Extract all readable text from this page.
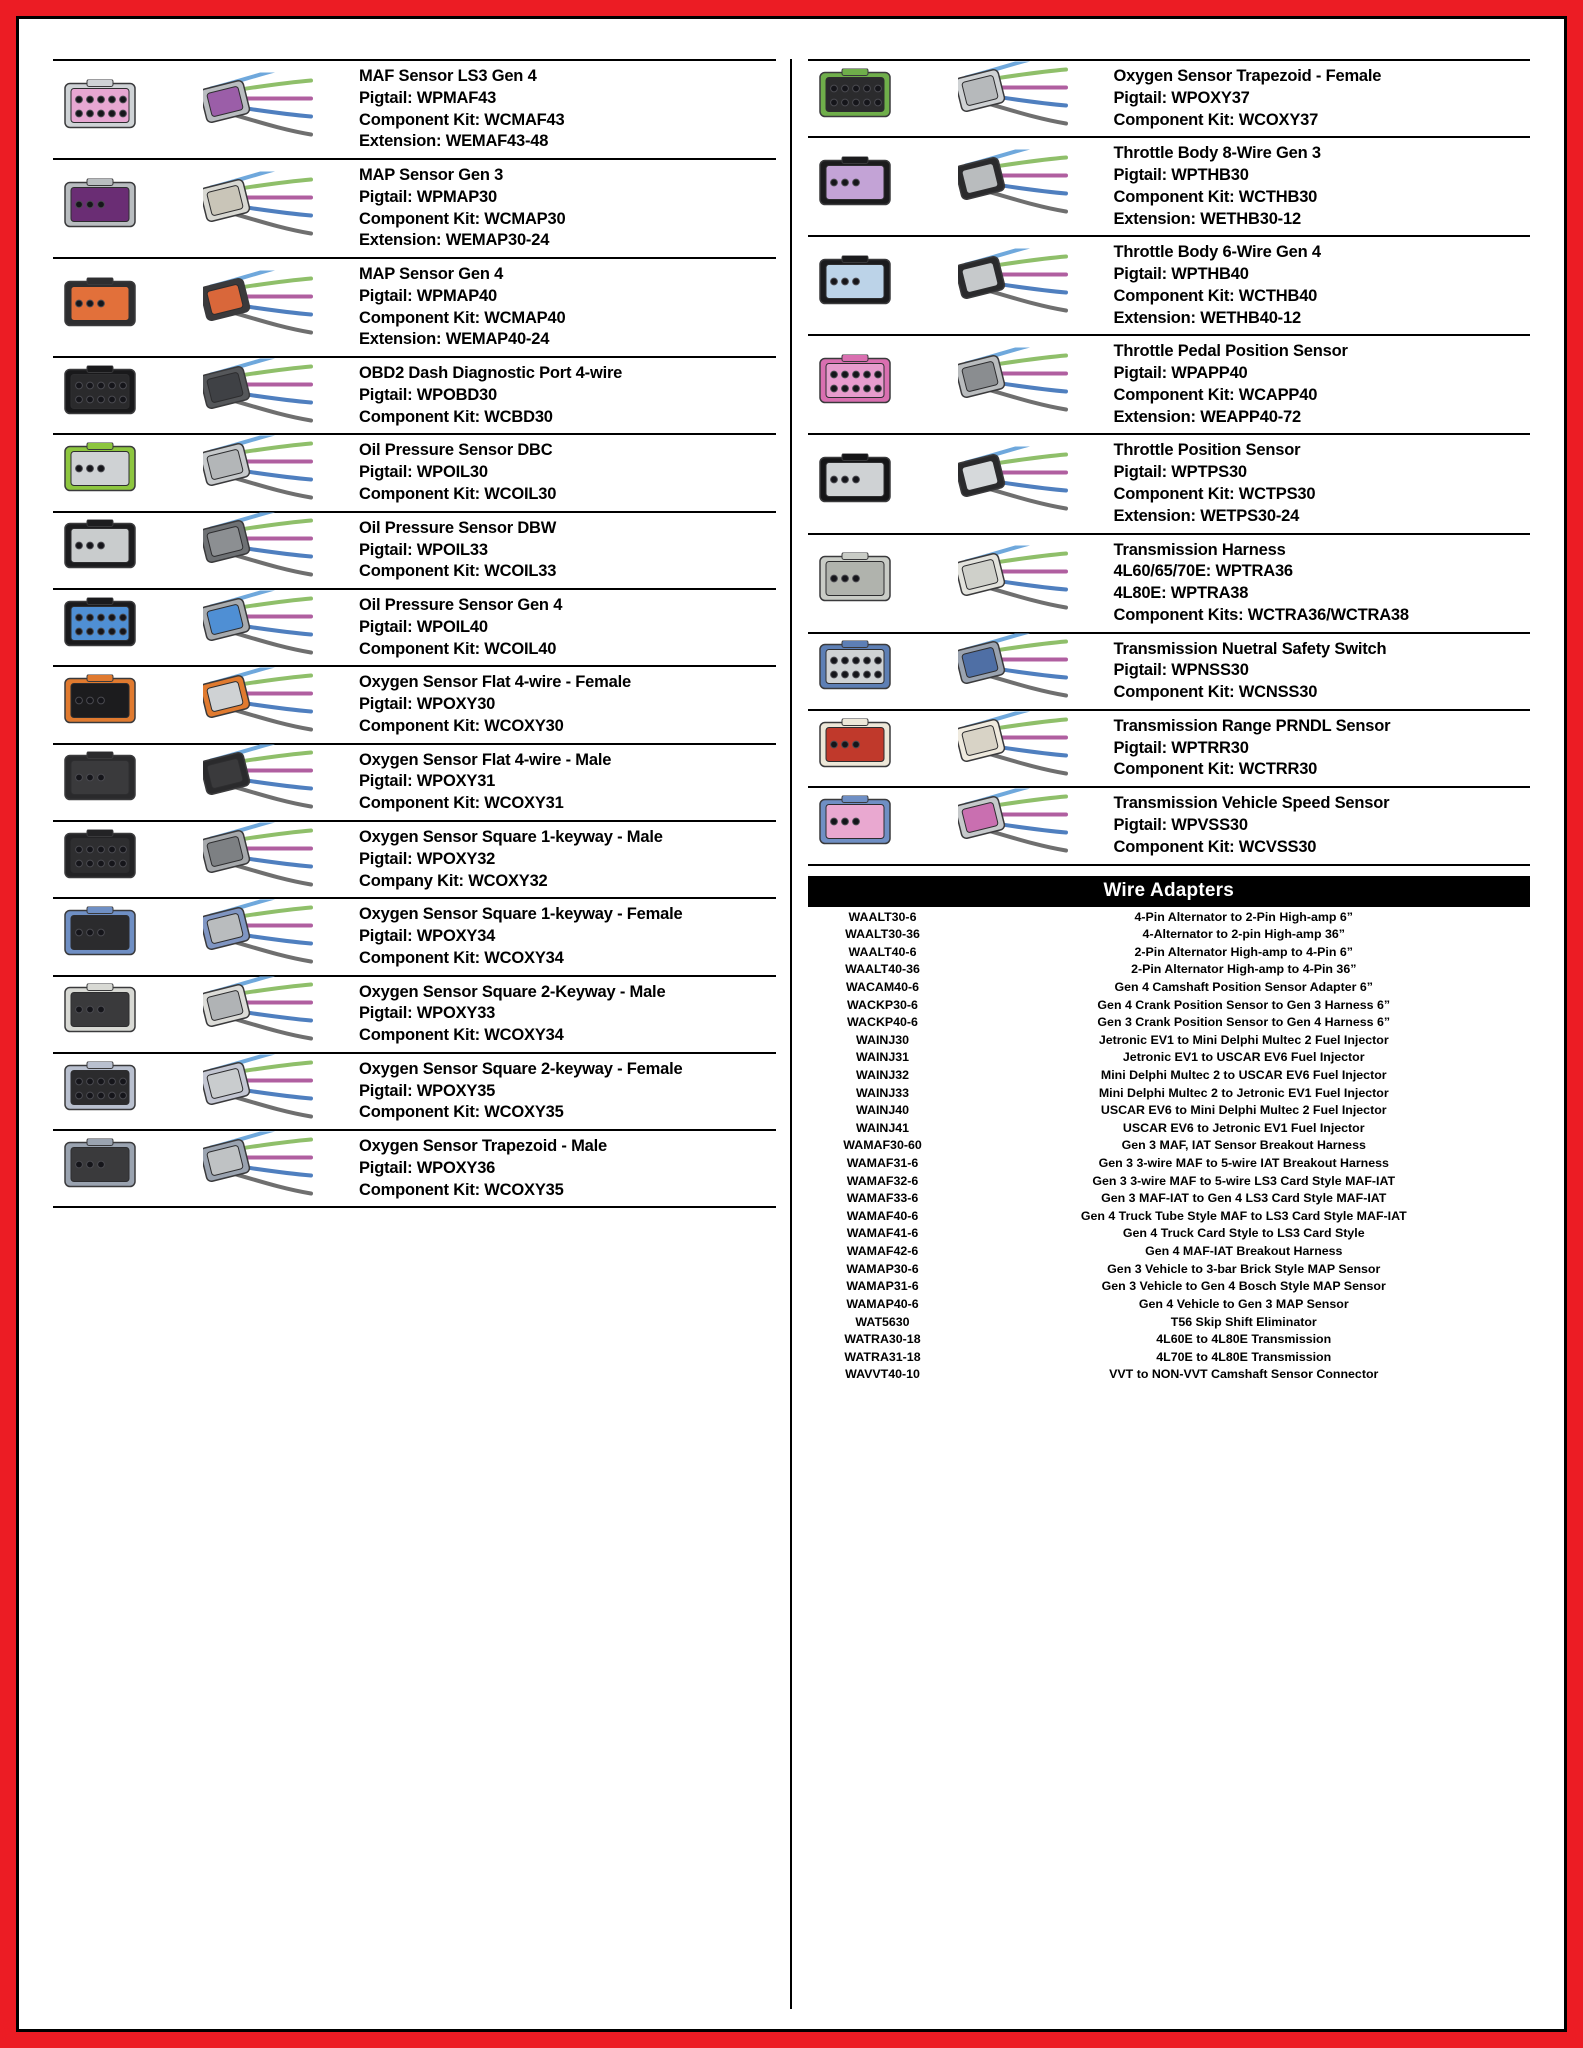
MAF Sensor LS3 Gen 4
Pigtail: WPMAF43
Component Kit: WCMAF43
Extension: WEMAF43-48
MAP Sensor Gen 3
Pigtail: WPMAP30
Component Kit: WCMAP30
Extension: WEMAP30-24
MAP Sensor Gen 4
Pigtail: WPMAP40
Component Kit: WCMAP40
Extension: WEMAP40-24
OBD2 Dash Diagnostic Port 4-wire
Pigtail: WPOBD30
Component Kit: WCBD30
Oil Pressure Sensor DBC
Pigtail: WPOIL30
Component Kit: WCOIL30
Oil Pressure Sensor DBW
Pigtail: WPOIL33
Component Kit: WCOIL33
Oil Pressure Sensor Gen 4
Pigtail: WPOIL40
Component Kit: WCOIL40
Oxygen Sensor Flat 4-wire - Female
Pigtail: WPOXY30
Component Kit: WCOXY30
Oxygen Sensor Flat 4-wire - Male
Pigtail: WPOXY31
Component Kit: WCOXY31
Oxygen Sensor Square 1-keyway - Male
Pigtail: WPOXY32
Company Kit: WCOXY32
Oxygen Sensor Square 1-keyway - Female
Pigtail: WPOXY34
Component Kit: WCOXY34
Oxygen Sensor Square 2-Keyway - Male
Pigtail: WPOXY33
Component Kit: WCOXY34
Oxygen Sensor Square 2-keyway - Female
Pigtail: WPOXY35
Component Kit: WCOXY35
Oxygen Sensor Trapezoid - Male
Pigtail: WPOXY36
Component Kit: WCOXY35
Oxygen Sensor Trapezoid - Female
Pigtail: WPOXY37
Component Kit: WCOXY37
Throttle Body 8-Wire Gen 3
Pigtail: WPTHB30
Component Kit: WCTHB30
Extension: WETHB30-12
Throttle Body 6-Wire Gen 4
Pigtail: WPTHB40
Component Kit: WCTHB40
Extension: WETHB40-12
Throttle Pedal Position Sensor
Pigtail: WPAPP40
Component Kit: WCAPP40
Extension: WEAPP40-72
Throttle Position Sensor
Pigtail: WPTPS30
Component Kit: WCTPS30
Extension: WETPS30-24
Transmission Harness
4L60/65/70E: WPTRA36
4L80E: WPTRA38
Component Kits: WCTRA36/WCTRA38
Transmission Nuetral Safety Switch
Pigtail: WPNSS30
Component Kit: WCNSS30
Transmission Range PRNDL Sensor
Pigtail: WPTRR30
Component Kit: WCTRR30
Transmission Vehicle Speed Sensor
Pigtail: WPVSS30
Component Kit: WCVSS30
Wire Adapters
WAALT30-6	4-Pin Alternator to 2-Pin High-amp 6”
WAALT30-36	4-Alternator to 2-pin High-amp 36”
WAALT40-6	2-Pin Alternator High-amp to 4-Pin 6”
WAALT40-36	2-Pin Alternator High-amp to 4-Pin 36”
WACAM40-6	Gen 4 Camshaft Position Sensor Adapter 6”
WACKP30-6	Gen 4 Crank Position Sensor to Gen 3 Harness 6”
WACKP40-6	Gen 3 Crank Position Sensor to Gen 4 Harness 6”
WAINJ30	Jetronic EV1 to Mini Delphi Multec 2 Fuel Injector
WAINJ31	Jetronic EV1 to USCAR EV6 Fuel Injector
WAINJ32	Mini Delphi Multec 2 to USCAR EV6 Fuel Injector
WAINJ33	Mini Delphi Multec 2 to Jetronic EV1 Fuel Injector
WAINJ40	USCAR EV6 to Mini Delphi Multec 2 Fuel Injector
WAINJ41	USCAR EV6 to Jetronic EV1 Fuel Injector
WAMAF30-60	Gen 3 MAF, IAT Sensor Breakout Harness
WAMAF31-6	Gen 3 3-wire MAF to 5-wire IAT Breakout Harness
WAMAF32-6	Gen 3 3-wire MAF to 5-wire LS3 Card Style MAF-IAT
WAMAF33-6	Gen 3 MAF-IAT to Gen 4 LS3 Card Style MAF-IAT
WAMAF40-6	Gen 4 Truck Tube Style MAF to LS3 Card Style MAF-IAT
WAMAF41-6	Gen 4 Truck Card Style to LS3 Card Style
WAMAF42-6	Gen 4 MAF-IAT Breakout Harness
WAMAP30-6	Gen 3 Vehicle to 3-bar Brick Style MAP Sensor
WAMAP31-6	Gen 3 Vehicle to Gen 4 Bosch Style MAP Sensor
WAMAP40-6	Gen 4 Vehicle to Gen 3 MAP Sensor
WAT5630	T56 Skip Shift Eliminator
WATRA30-18	4L60E to 4L80E Transmission
WATRA31-18	4L70E to 4L80E Transmission
WAVVT40-10	VVT to NON-VVT Camshaft Sensor Connector
